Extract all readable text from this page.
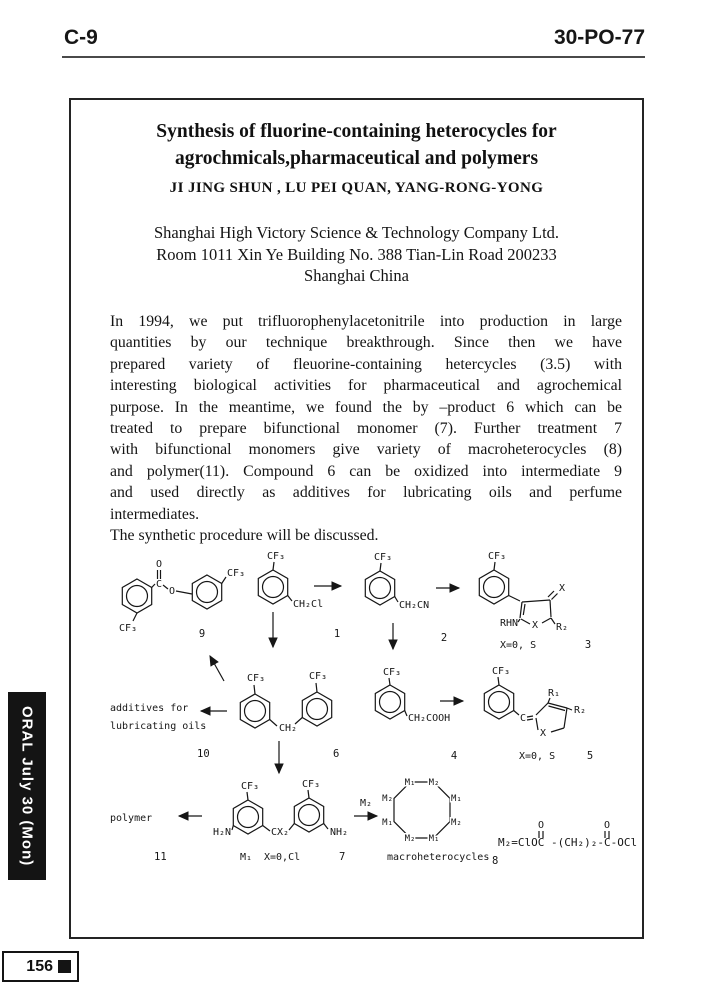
C-9	30-PO-77
Synthesis of fluorine-containing heterocycles for
agrochmicals,pharmaceutical and polymers
JI JING SHUN , LU PEI QUAN, YANG-RONG-YONG
Shanghai High Victory Science & Technology Company Ltd.
Room 1011 Xin Ye Building No. 388 Tian-Lin Road 200233
Shanghai China
In 1994, we put trifluorophenylacetonitrile into production in large
quantities by our technique breakthrough. Since then we have
prepared variety of fleuorine-containing hetercycles (3.5) with
interesting biological activities for pharmaceutical and agrochemical
purpose. In the meantime, we found the by –product 6 which can be
treated to prepare bifunctional monomer (7). Further treatment 7
with bifunctional monomers give variety of macroheterocycles (8)
and polymer(11). Compound 6 can be oxidized into intermediate 9
and used directly as additives for lubricating oils and perfume
intermediates.
The synthetic procedure will be discussed.
C
O
O
CF₃
CF₃	9
CF₃
CH₂Cl
1
CF₃
CH₂CN
2
CF₃
X
R₂
X
RHN
X=0, S	3
additives for
lubricating oils
CF₃	CF₃
CH₂
10	6
CF₃
CH₂COOH
4
CF₃
C
R₁
R₂
X
X=0, S	5
polymer
11
CF₃	CF₃
H₂N	NH₂
CX₂
M₁ X=0,Cl	7
M₂
M₁ M₂
M₁
M₂
M₁
M₂
M₁
M₂
macroheterocycles 8
O	O
M₂=ClOC -(CH₂)₂-C-OCl
ORAL July 30 (Mon)
156
